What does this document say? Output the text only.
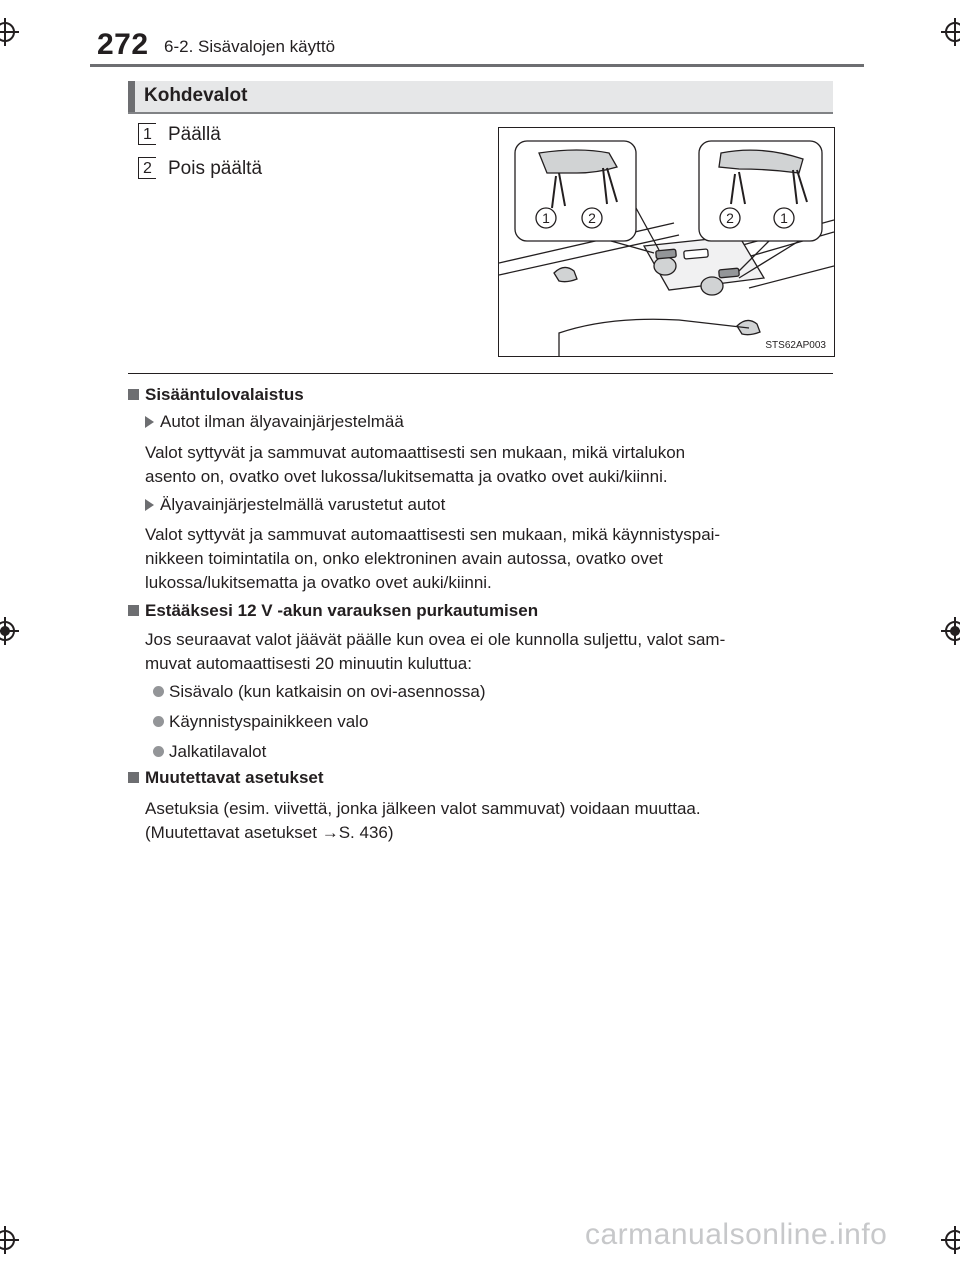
272 6-2. Sisävalojen käyttö
Kohdevalot
1 Päällä
2 Pois päältä
1	2	2	1
STS62AP003
Sisääntulovalaistus
Autot ilman älyavainjärjestelmää
Valot syttyvät ja sammuvat automaattisesti sen mukaan, mikä virtalukon
asento on, ovatko ovet lukossa/lukitsematta ja ovatko ovet auki/kiinni.
Älyavainjärjestelmällä varustetut autot
Valot syttyvät ja sammuvat automaattisesti sen mukaan, mikä käynnistyspai-
nikkeen toimintatila on, onko elektroninen avain autossa, ovatko ovet
lukossa/lukitsematta ja ovatko ovet auki/kiinni.
Estääksesi 12 V -akun varauksen purkautumisen
Jos seuraavat valot jäävät päälle kun ovea ei ole kunnolla suljettu, valot sam-
muvat automaattisesti 20 minuutin kuluttua:
Sisävalo (kun katkaisin on ovi-asennossa)
Käynnistyspainikkeen valo
Jalkatilavalot
Muutettavat asetukset
Asetuksia (esim. viivettä, jonka jälkeen valot sammuvat) voidaan muuttaa.
(Muutettavat asetukset →S. 436)
carmanualsonline.info
